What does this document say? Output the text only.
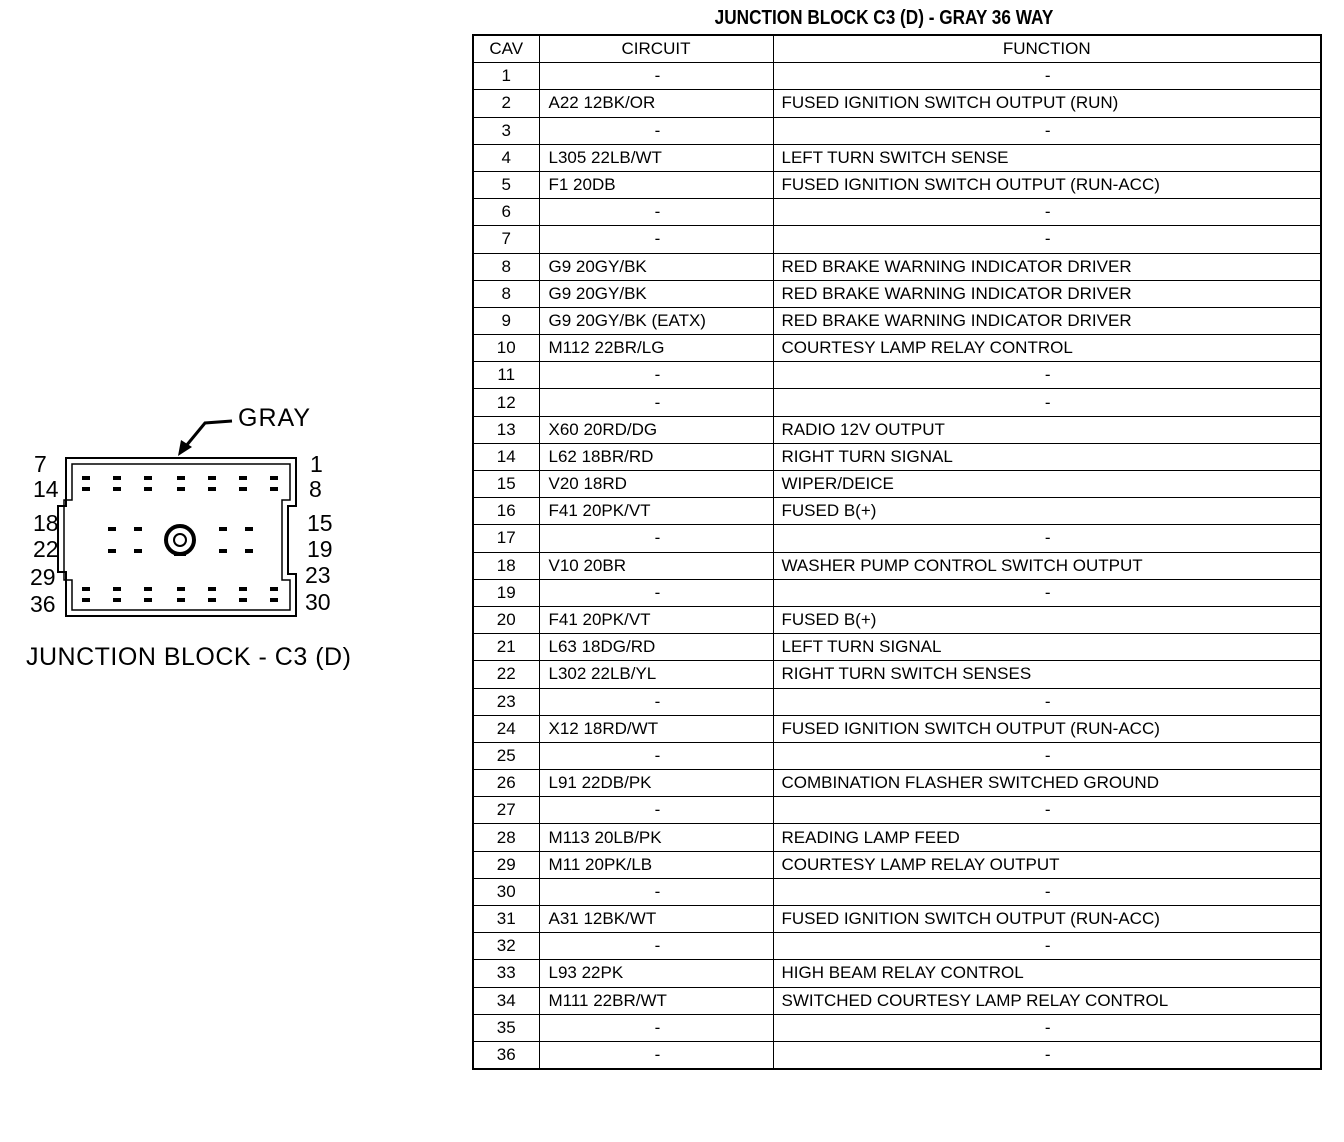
GRAY
7
14
1
8
18
22
15
19
29
36
23
30
JUNCTION BLOCK - C3 (D)
JUNCTION BLOCK C3 (D) - GRAY 36 WAY
CAV	CIRCUIT	FUNCTION
1	-	-
2	A22 12BK/OR	FUSED IGNITION SWITCH OUTPUT (RUN)
3	-	-
4	L305 22LB/WT	LEFT TURN SWITCH SENSE
5	F1 20DB	FUSED IGNITION SWITCH OUTPUT (RUN-ACC)
6	-	-
7	-	-
8	G9 20GY/BK	RED BRAKE WARNING INDICATOR DRIVER
8	G9 20GY/BK	RED BRAKE WARNING INDICATOR DRIVER
9	G9 20GY/BK (EATX)	RED BRAKE WARNING INDICATOR DRIVER
10	M112 22BR/LG	COURTESY LAMP RELAY CONTROL
11	-	-
12	-	-
13	X60 20RD/DG	RADIO 12V OUTPUT
14	L62 18BR/RD	RIGHT TURN SIGNAL
15	V20 18RD	WIPER/DEICE
16	F41 20PK/VT	FUSED B(+)
17	-	-
18	V10 20BR	WASHER PUMP CONTROL SWITCH OUTPUT
19	-	-
20	F41 20PK/VT	FUSED B(+)
21	L63 18DG/RD	LEFT TURN SIGNAL
22	L302 22LB/YL	RIGHT TURN SWITCH SENSES
23	-	-
24	X12 18RD/WT	FUSED IGNITION SWITCH OUTPUT (RUN-ACC)
25	-	-
26	L91 22DB/PK	COMBINATION FLASHER SWITCHED GROUND
27	-	-
28	M113 20LB/PK	READING LAMP FEED
29	M11 20PK/LB	COURTESY LAMP RELAY OUTPUT
30	-	-
31	A31 12BK/WT	FUSED IGNITION SWITCH OUTPUT (RUN-ACC)
32	-	-
33	L93 22PK	HIGH BEAM RELAY CONTROL
34	M111 22BR/WT	SWITCHED COURTESY LAMP RELAY CONTROL
35	-	-
36	-	-
